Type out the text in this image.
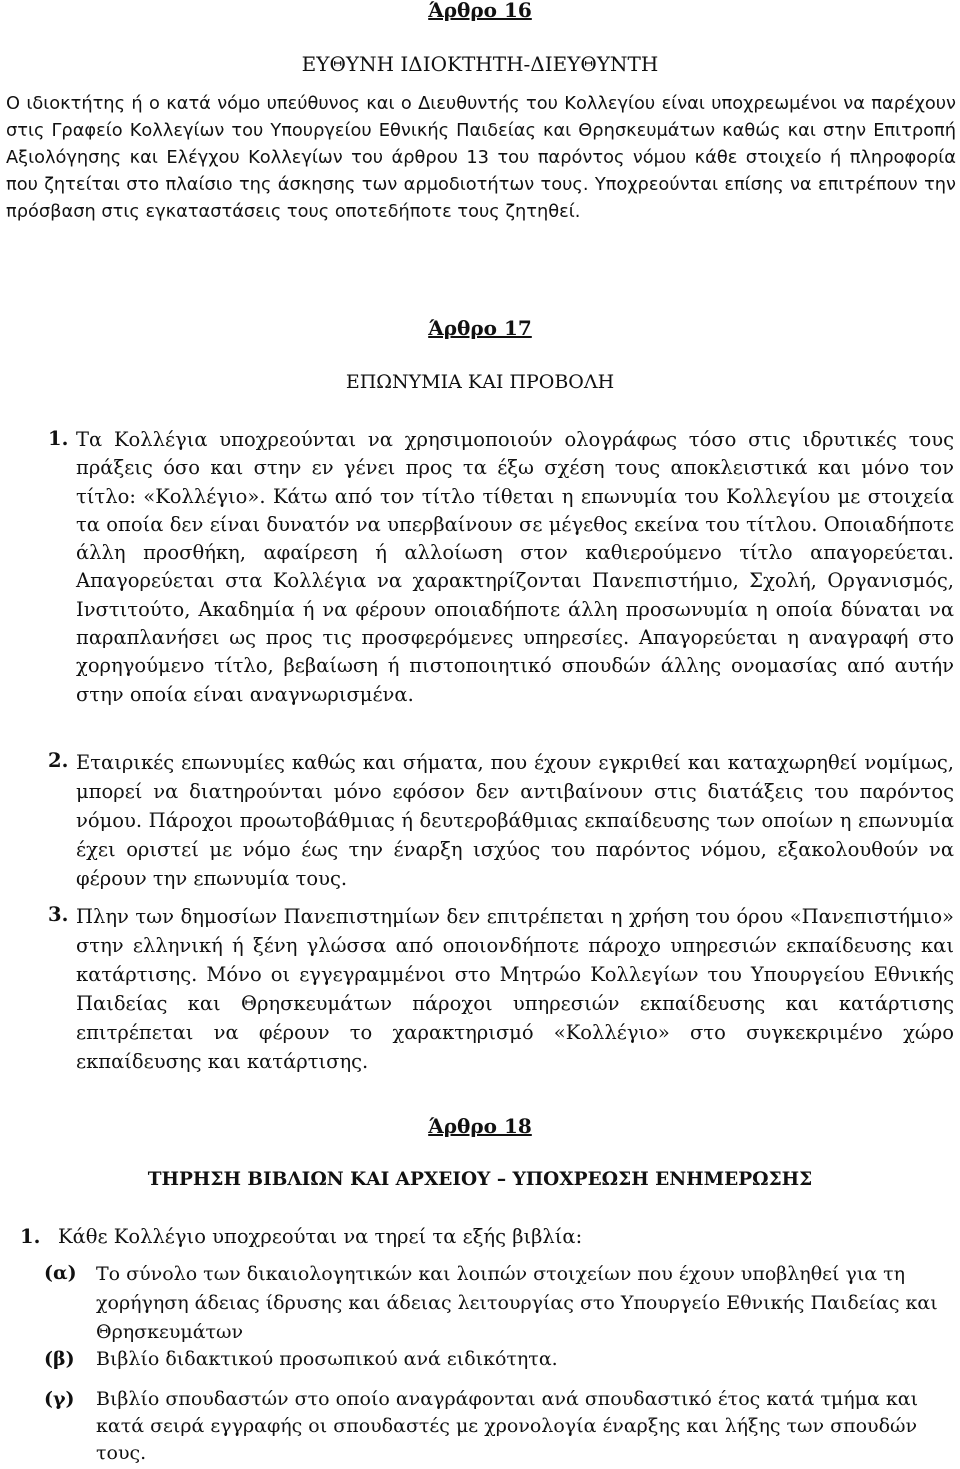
Άρθρο 16

ΕΥΘΥΝΗ ΙΔΙΟΚΤΗΤΗ-ΔΙΕΥΘΥΝΤΗ

Ο ιδιοκτήτης ή ο κατά νόμο υπεύθυνος και ο Διευθυντής του Κολλεγίου είναι υποχρεωμένοι να παρέχουν στις Γραφείο Κολλεγίων του Υπουργείου Εθνικής Παιδείας και Θρησκευμάτων καθώς και στην Επιτροπή Αξιολόγησης και Ελέγχου Κολλεγίων του άρθρου 13 του παρόντος νόμου κάθε στοιχείο ή πληροφορία που ζητείται στο πλαίσιο της άσκησης των αρμοδιοτήτων τους. Υποχρεούνται επίσης να επιτρέπουν την πρόσβαση στις εγκαταστάσεις τους οποτεδήποτε τους ζητηθεί.

Άρθρο 17

ΕΠΩΝΥΜΙΑ ΚΑΙ ΠΡΟΒΟΛΗ

1. Τα Κολλέγια υποχρεούνται να χρησιμοποιούν ολογράφως τόσο στις ιδρυτικές τους πράξεις όσο και στην εν γένει προς τα έξω σχέση τους αποκλειστικά και μόνο τον τίτλο: «Κολλέγιο». Κάτω από τον τίτλο τίθεται η επωνυμία του Κολλεγίου με στοιχεία τα οποία δεν είναι δυνατόν να υπερβαίνουν σε μέγεθος εκείνα του τίτλου. Οποιαδήποτε άλλη προσθήκη, αφαίρεση ή αλλοίωση στον καθιερούμενο τίτλο απαγορεύεται. Απαγορεύεται στα Κολλέγια να χαρακτηρίζονται Πανεπιστήμιο, Σχολή, Οργανισμός, Ινστιτούτο, Ακαδημία ή να φέρουν οποιαδήποτε άλλη προσωνυμία η οποία δύναται να παραπλανήσει ως προς τις προσφερόμενες υπηρεσίες. Απαγορεύεται η αναγραφή στο χορηγούμενο τίτλο, βεβαίωση ή πιστοποιητικό σπουδών άλλης ονομασίας από αυτήν στην οποία είναι αναγνωρισμένα.
2. Εταιρικές επωνυμίες καθώς και σήματα, που έχουν εγκριθεί και καταχωρηθεί νομίμως, μπορεί να διατηρούνται μόνο εφόσον δεν αντιβαίνουν στις διατάξεις του παρόντος νόμου. Πάροχοι προωτοβάθμιας ή δευτεροβάθμιας εκπαίδευσης των οποίων η επωνυμία έχει οριστεί με νόμο έως την έναρξη ισχύος του παρόντος νόμου, εξακολουθούν να φέρουν την επωνυμία τους.
3. Πλην των δημοσίων Πανεπιστημίων δεν επιτρέπεται η χρήση του όρου «Πανεπιστήμιο» στην ελληνική ή ξένη γλώσσα από οποιονδήποτε πάροχο υπηρεσιών εκπαίδευσης και κατάρτισης. Μόνο οι εγγεγραμμένοι στο Μητρώο Κολλεγίων του Υπουργείου Εθνικής Παιδείας και Θρησκευμάτων πάροχοι υπηρεσιών εκπαίδευσης και κατάρτισης επιτρέπεται να φέρουν το χαρακτηρισμό «Κολλέγιο» στο συγκεκριμένο χώρο εκπαίδευσης και κατάρτισης.

Άρθρο 18

ΤΗΡΗΣΗ ΒΙΒΛΙΩΝ ΚΑΙ ΑΡΧΕΙΟΥ – ΥΠΟΧΡΕΩΣΗ ΕΝΗΜΕΡΩΣΗΣ

1. Κάθε Κολλέγιο υποχρεούται να τηρεί τα εξής βιβλία:
(α)	Το σύνολο των δικαιολογητικών και λοιπών στοιχείων που έχουν υποβληθεί για τη χορήγηση άδειας ίδρυσης και άδειας λειτουργίας στο Υπουργείο Εθνικής Παιδείας και Θρησκευμάτων
(β)	Βιβλίο διδακτικού προσωπικού ανά ειδικότητα.
(γ)	Βιβλίο σπουδαστών στο οποίο αναγράφονται ανά σπουδαστικό έτος κατά τμήμα και κατά σειρά εγγραφής οι σπουδαστές με χρονολογία έναρξης και λήξης των σπουδών τους.
